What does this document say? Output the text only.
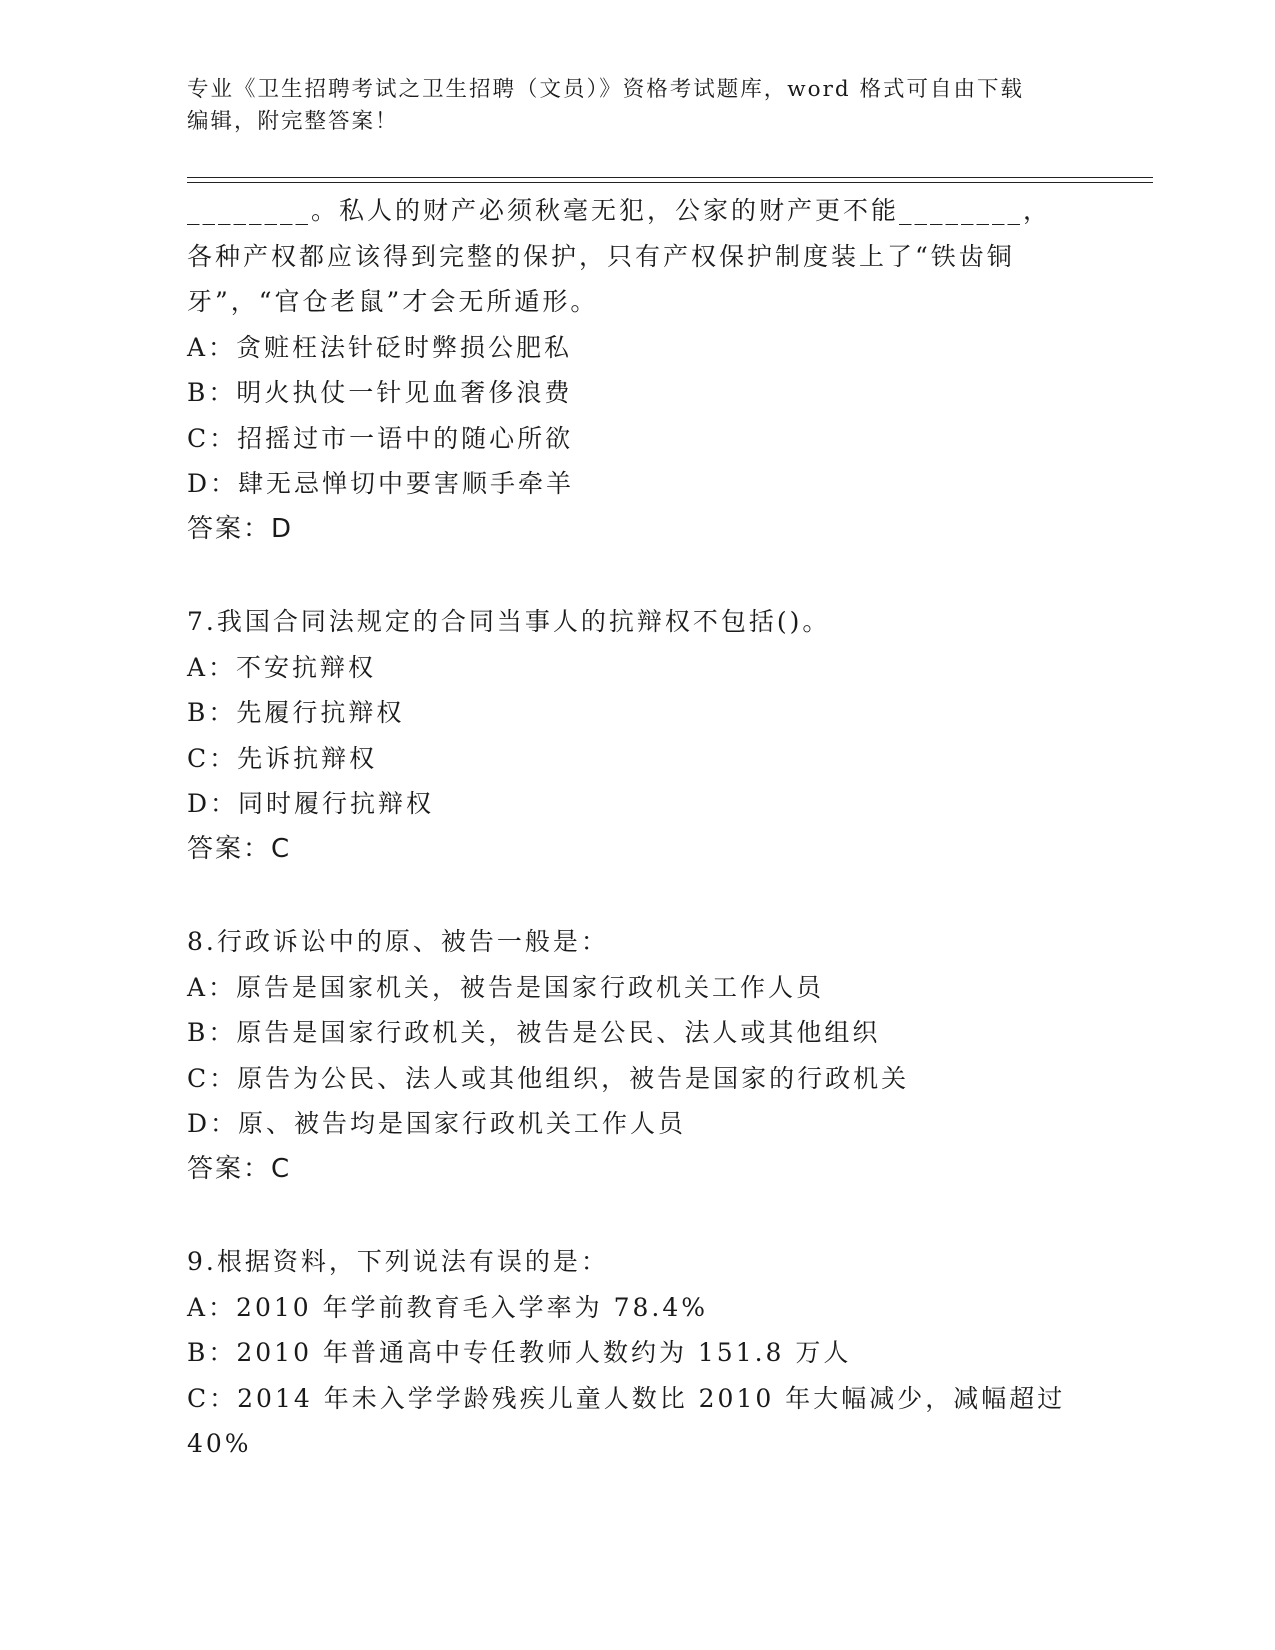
专业《卫生招聘考试之卫生招聘（文员）》资格考试题库，word 格式可自由下载
编辑，附完整答案！
________。私人的财产必须秋毫无犯，公家的财产更不能________，
各种产权都应该得到完整的保护，只有产权保护制度装上了“铁齿铜
牙”，“官仓老鼠”才会无所遁形。
A：贪赃枉法针砭时弊损公肥私
B：明火执仗一针见血奢侈浪费
C：招摇过市一语中的随心所欲
D：肆无忌惮切中要害顺手牵羊
答案：D
7.我国合同法规定的合同当事人的抗辩权不包括()。
A：不安抗辩权
B：先履行抗辩权
C：先诉抗辩权
D：同时履行抗辩权
答案：C
8.行政诉讼中的原、被告一般是：
A：原告是国家机关，被告是国家行政机关工作人员
B：原告是国家行政机关，被告是公民、法人或其他组织
C：原告为公民、法人或其他组织，被告是国家的行政机关
D：原、被告均是国家行政机关工作人员
答案：C
9.根据资料，下列说法有误的是：
A：2010 年学前教育毛入学率为 78.4%
B：2010 年普通高中专任教师人数约为 151.8 万人
C：2014 年未入学学龄残疾儿童人数比 2010 年大幅减少，减幅超过
40%
